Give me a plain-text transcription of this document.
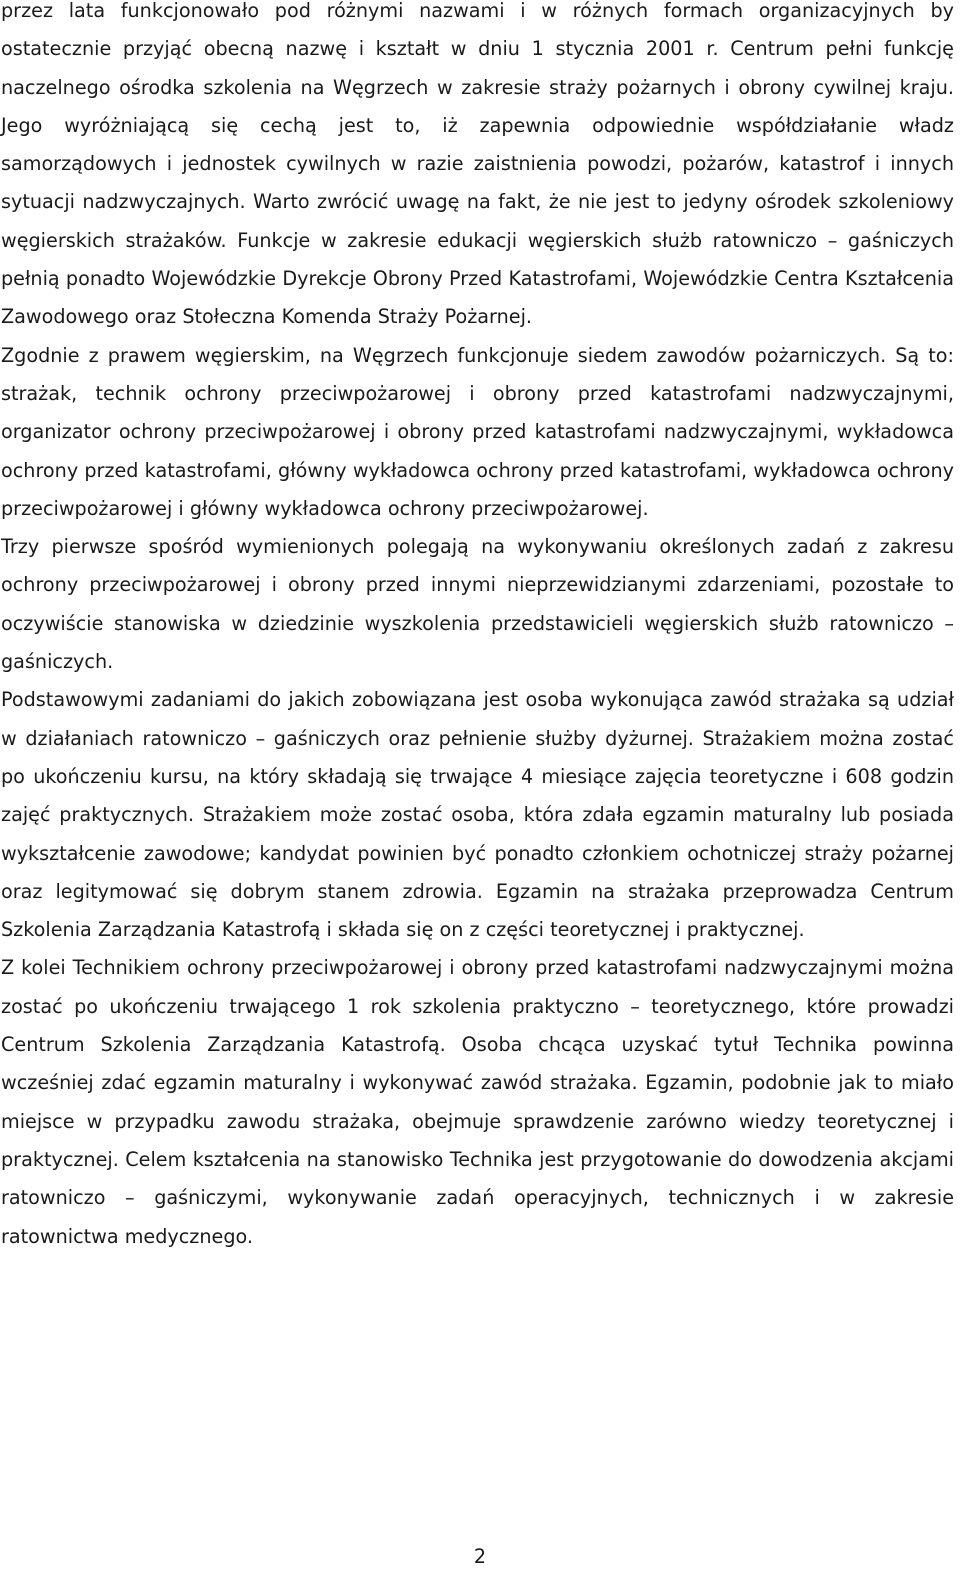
przez lata funkcjonowało pod różnymi nazwami i w różnych formach organizacyjnych by ostatecznie przyjąć obecną nazwę i kształt w dniu 1 stycznia 2001 r. Centrum pełni funkcję naczelnego ośrodka szkolenia na Węgrzech w zakresie straży pożarnych i obrony cywilnej kraju. Jego wyróżniającą się cechą jest to, iż zapewnia odpowiednie współdziałanie władz samorządowych i jednostek cywilnych w razie zaistnienia powodzi, pożarów, katastrof i innych sytuacji nadzwyczajnych. Warto zwrócić uwagę na fakt, że nie jest to jedyny ośrodek szkoleniowy węgierskich strażaków. Funkcje w zakresie edukacji węgierskich służb ratowniczo – gaśniczych pełnią ponadto Wojewódzkie Dyrekcje Obrony Przed Katastrofami, Wojewódzkie Centra Kształcenia Zawodowego oraz Stołeczna Komenda Straży Pożarnej.

Zgodnie z prawem węgierskim, na Węgrzech funkcjonuje siedem zawodów pożarniczych. Są to: strażak, technik ochrony przeciwpożarowej i obrony przed katastrofami nadzwyczajnymi, organizator ochrony przeciwpożarowej i obrony przed katastrofami nadzwyczajnymi, wykładowca ochrony przed katastrofami, główny wykładowca ochrony przed katastrofami, wykładowca ochrony przeciwpożarowej i główny wykładowca ochrony przeciwpożarowej.

Trzy pierwsze spośród wymienionych polegają na wykonywaniu określonych zadań z zakresu ochrony przeciwpożarowej i obrony przed innymi nieprzewidzianymi zdarzeniami, pozostałe to oczywiście stanowiska w dziedzinie wyszkolenia przedstawicieli węgierskich służb ratowniczo – gaśniczych.

Podstawowymi zadaniami do jakich zobowiązana jest osoba wykonująca zawód strażaka są udział w działaniach ratowniczo – gaśniczych oraz pełnienie służby dyżurnej. Strażakiem można zostać po ukończeniu kursu, na który składają się trwające 4 miesiące zajęcia teoretyczne i 608 godzin zajęć praktycznych. Strażakiem może zostać osoba, która zdała egzamin maturalny lub posiada wykształcenie zawodowe; kandydat powinien być ponadto członkiem ochotniczej straży pożarnej oraz legitymować się dobrym stanem zdrowia. Egzamin na strażaka przeprowadza Centrum Szkolenia Zarządzania Katastrofą i składa się on z części teoretycznej i praktycznej.

Z kolei Technikiem ochrony przeciwpożarowej i obrony przed katastrofami nadzwyczajnymi można zostać po ukończeniu trwającego 1 rok szkolenia praktyczno – teoretycznego, które prowadzi Centrum Szkolenia Zarządzania Katastrofą. Osoba chcąca uzyskać tytuł Technika powinna wcześniej zdać egzamin maturalny i wykonywać zawód strażaka. Egzamin, podobnie jak to miało miejsce w przypadku zawodu strażaka, obejmuje sprawdzenie zarówno wiedzy teoretycznej i praktycznej. Celem kształcenia na stanowisko Technika jest przygotowanie do dowodzenia akcjami ratowniczo – gaśniczymi, wykonywanie zadań operacyjnych, technicznych i w zakresie ratownictwa medycznego.

2
